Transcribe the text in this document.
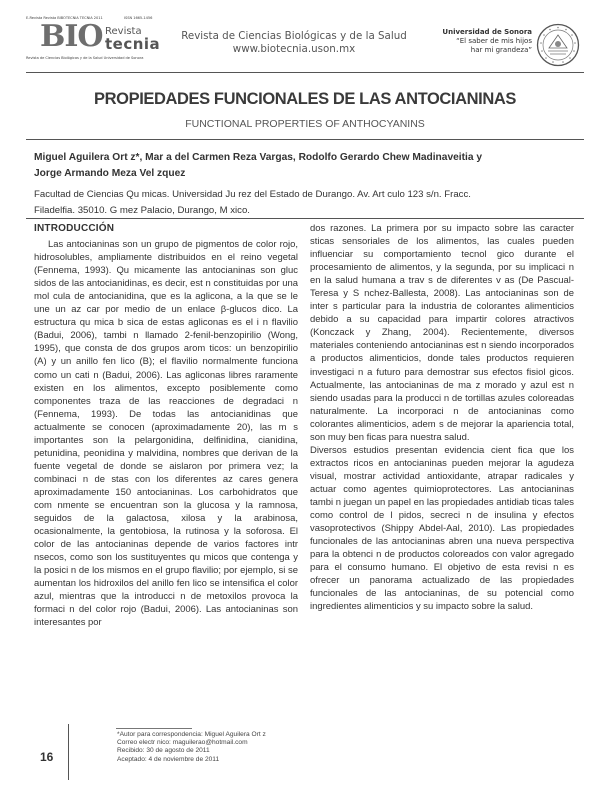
E-Revista Revista BIBOTECNIA TECNIA 2011	ISSN 1665-1456
BIO Revista
tecnia
Revista de Ciencias Biológicas y de la Salud Universidad de Sonora
Revista de Ciencias Biológicas y de la Salud
www.biotecnia.uson.mx
Universidad de Sonora
“El saber de mis hijos
har mi grandeza”
PROPIEDADES FUNCIONALES DE LAS ANTOCIANINAS
FUNCTIONAL PROPERTIES OF ANTHOCYANINS
Miguel Aguilera Ort z*, Mar a del Carmen Reza Vargas, Rodolfo Gerardo Chew Madinaveitia y
Jorge Armando Meza Vel zquez
Facultad de Ciencias Qu micas. Universidad Ju rez del Estado de Durango. Av. Art culo 123 s/n. Fracc.
Filadelfia. 35010. G mez Palacio, Durango, M xico.
INTRODUCCIÓN

Las antocianinas son un grupo de pigmentos de color rojo, hidrosolubles, ampliamente distribuidos en el reino vegetal (Fennema, 1993). Qu micamente las antocianinas son gluc sidos de las antocianidinas, es decir, est n constituidas por una mol cula de antocianidina, que es la aglicona, a la que se le une un az car por medio de un enlace β-glucos dico. La estructura qu mica b sica de estas agliconas es el i n flavilio (Badui, 2006), tambi n llamado 2-fenil-benzopirilio (Wong, 1995), que consta de dos grupos arom ticos: un benzopirilio (A) y un anillo fen lico (B); el flavilio normalmente funciona como un cati n (Badui, 2006). Las agliconas libres raramente existen en los alimentos, excepto posiblemente como componentes traza de las reacciones de degradaci n (Fennema, 1993). De todas las antocianidinas que actualmente se conocen (aproximadamente 20), las m s importantes son la pelargonidina, delfinidina, cianidina, petunidina, peonidina y malvidina, nombres que derivan de la fuente vegetal de donde se aislaron por primera vez; la combinaci n de stas con los diferentes az cares genera aproximadamente 150 antocianinas. Los carbohidratos que com nmente se encuentran son la glucosa y la ramnosa, seguidos de la galactosa, xilosa y la arabinosa, ocasionalmente, la gentobiosa, la rutinosa y la soforosa. El color de las antocianinas depende de varios factores intr nsecos, como son los sustituyentes qu micos que contenga y la posici n de los mismos en el grupo flavilio; por ejemplo, si se aumentan los hidroxilos del anillo fen lico se intensifica el color azul, mientras que la introducci n de metoxilos provoca la formaci n del color rojo (Badui, 2006). Las antocianinas son interesantes por

dos razones. La primera por su impacto sobre las caracter sticas sensoriales de los alimentos, las cuales pueden influenciar su comportamiento tecnol gico durante el procesamiento de alimentos, y la segunda, por su implicaci n en la salud humana a trav s de diferentes v as (De Pascual-Teresa y S nchez-Ballesta, 2008). Las antocianinas son de inter s particular para la industria de colorantes alimenticios debido a su capacidad para impartir colores atractivos (Konczack y Zhang, 2004). Recientemente, diversos materiales conteniendo antocianinas est n siendo incorporados a productos alimenticios, donde tales productos requieren investigaci n a futuro para demostrar sus efectos fisiol gicos. Actualmente, las antocianinas de ma z morado y azul est n siendo usadas para la producci n de tortillas azules coloreadas naturalmente. La incorporaci n de antocianinas como colorantes alimenticios, adem s de mejorar la apariencia total, son muy ben ficas para nuestra salud.

Diversos estudios presentan evidencia cient fica que los extractos ricos en antocianinas pueden mejorar la agudeza visual, mostrar actividad antioxidante, atrapar radicales y actuar como agentes quimioprotectores. Las antocianinas tambi n juegan un papel en las propiedades antidiab ticas tales como control de l pidos, secreci n de insulina y efectos vasoprotectivos (Shippy Abdel-Aal, 2010). Las propiedades funcionales de las antocianinas abren una nueva perspectiva para la obtenci n de productos coloreados con valor agregado para el consumo humano. El objetivo de esta revisi n es ofrecer un panorama actualizado de las propiedades funcionales de las antocianinas, de su potencial como ingredientes alimenticios y su impacto sobre la salud.

*Autor para correspondencia: Miguel Aguilera Ort z
Correo electr nico: maguilerao@hotmail.com
Recibido: 30 de agosto de 2011
Aceptado: 4 de noviembre de 2011
16
